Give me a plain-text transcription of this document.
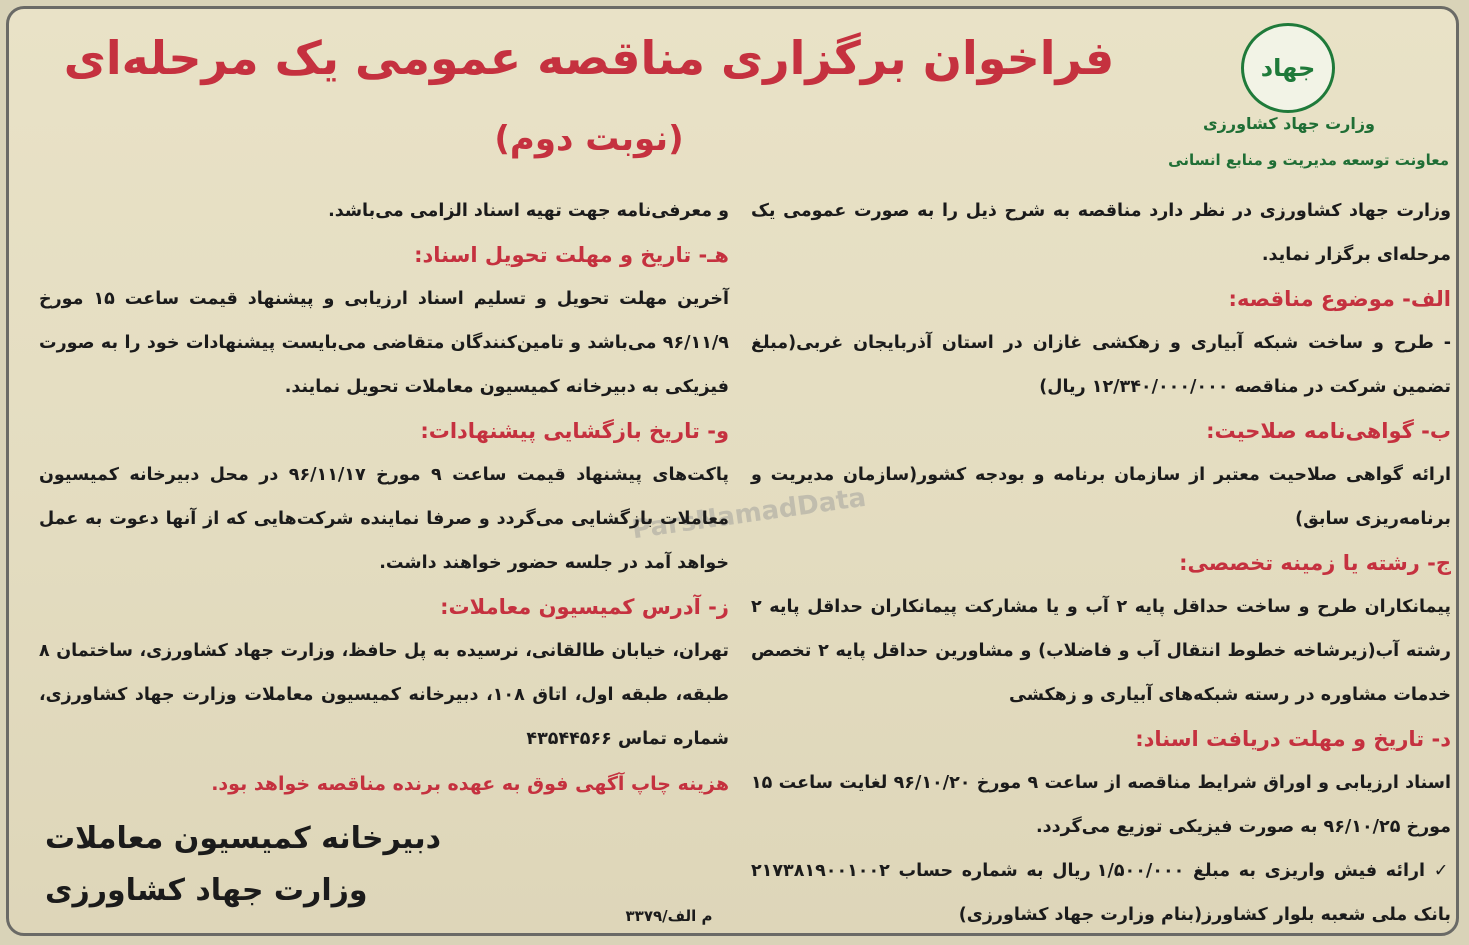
جهاد
وزارت جهاد کشاورزی
معاونت توسعه مدیریت و منابع انسانی
فراخوان برگزاری مناقصه عمومی یک مرحله‌ای
(نوبت دوم)
ParsNamadData

وزارت جهاد کشاورزی در نظر دارد مناقصه به شرح ذیل را به صورت عمومی یک مرحله‌ای برگزار نماید.

الف- موضوع مناقصه:

- طرح و ساخت شبکه آبیاری و زهکشی غازان در استان آذربایجان غربی(مبلغ تضمین شرکت در مناقصه ۱۲/۳۴۰/۰۰۰/۰۰۰ ریال)

ب- گواهی‌نامه صلاحیت:

ارائه گواهی صلاحیت معتبر از سازمان برنامه و بودجه کشور(سازمان مدیریت و برنامه‌ریزی سابق)

ج- رشته یا زمینه تخصصی:

پیمانکاران طرح و ساخت حداقل پایه ۲ آب و یا مشارکت پیمانکاران حداقل پایه ۲ رشته آب(زیرشاخه خطوط انتقال آب و فاضلاب) و مشاورین حداقل پایه ۲ تخصص خدمات مشاوره در رسته شبکه‌های آبیاری و زهکشی

د- تاریخ و مهلت دریافت اسناد:

اسناد ارزیابی و اوراق شرایط مناقصه از ساعت ۹ مورخ ۹۶/۱۰/۲۰ لغایت ساعت ۱۵ مورخ ۹۶/۱۰/۲۵ به صورت فیزیکی توزیع می‌گردد.

✓ ارائه فیش واریزی به مبلغ ۱/۵۰۰/۰۰۰ ریال به شماره حساب ۲۱۷۳۸۱۹۰۰۱۰۰۲ بانک ملی شعبه بلوار کشاورز(بنام وزارت جهاد کشاورزی)

و معرفی‌نامه جهت تهیه اسناد الزامی می‌باشد.

هـ- تاریخ و مهلت تحویل اسناد:

آخرین مهلت تحویل و تسلیم اسناد ارزیابی و پیشنهاد قیمت ساعت ۱۵ مورخ ۹۶/۱۱/۹ می‌باشد و تامین‌کنندگان متقاضی می‌بایست پیشنهادات خود را به صورت فیزیکی به دبیرخانه کمیسیون معاملات تحویل نمایند.

و- تاریخ بازگشایی پیشنهادات:

پاکت‌های پیشنهاد قیمت ساعت ۹ مورخ ۹۶/۱۱/۱۷ در محل دبیرخانه کمیسیون معاملات بازگشایی می‌گردد و صرفا نماینده شرکت‌هایی که از آنها دعوت به عمل خواهد آمد در جلسه حضور خواهند داشت.

ز- آدرس کمیسیون معاملات:

تهران، خیابان طالقانی، نرسیده به پل حافظ، وزارت جهاد کشاورزی، ساختمان ۸ طبقه، طبقه اول، اتاق ۱۰۸، دبیرخانه کمیسیون معاملات وزارت جهاد کشاورزی، شماره تماس ۴۳۵۴۴۵۶۶

هزینه چاپ آگهی فوق به عهده برنده مناقصه خواهد بود.

دبیرخانه کمیسیون معاملات
وزارت جهاد کشاورزی
م الف/۳۳۷۹
